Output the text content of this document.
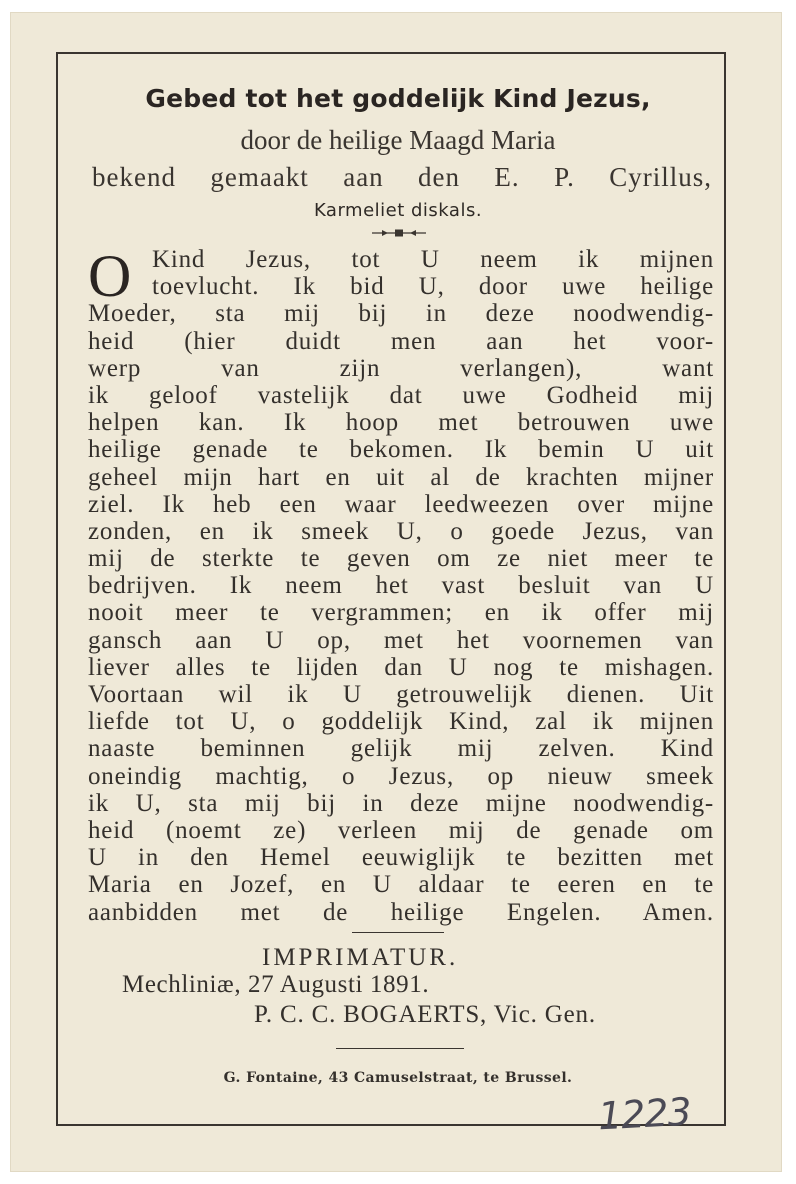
Gebed tot het goddelijk Kind Jezus,
door de heilige Maagd Maria
bekend gemaakt aan den E. P. Cyrillus,
Karmeliet diskals.
O Kind Jezus, tot U neem ik mijnen
toevlucht. Ik bid U, door uwe heilige
Moeder, sta mij bij in deze noodwendig-
heid (hier duidt men aan het voor-
werp van zijn verlangen), want
ik geloof vastelijk dat uwe Godheid mij
helpen kan. Ik hoop met betrouwen uwe
heilige genade te bekomen. Ik bemin U uit
geheel mijn hart en uit al de krachten mijner
ziel. Ik heb een waar leedweezen over mijne
zonden, en ik smeek U, o goede Jezus, van
mij de sterkte te geven om ze niet meer te
bedrijven. Ik neem het vast besluit van U
nooit meer te vergrammen; en ik offer mij
gansch aan U op, met het voornemen van
liever alles te lijden dan U nog te mishagen.
Voortaan wil ik U getrouwelijk dienen. Uit
liefde tot U, o goddelijk Kind, zal ik mijnen
naaste beminnen gelijk mij zelven. Kind
oneindig machtig, o Jezus, op nieuw smeek
ik U, sta mij bij in deze mijne noodwendig-
heid (noemt ze) verleen mij de genade om
U in den Hemel eeuwiglijk te bezitten met
Maria en Jozef, en U aldaar te eeren en te
aanbidden met de heilige Engelen. Amen.
IMPRIMATUR.
Mechliniæ, 27 Augusti 1891.
P. C. C. BOGAERTS, Vic. Gen.
G. Fontaine, 43 Camuselstraat, te Brussel.
1223
